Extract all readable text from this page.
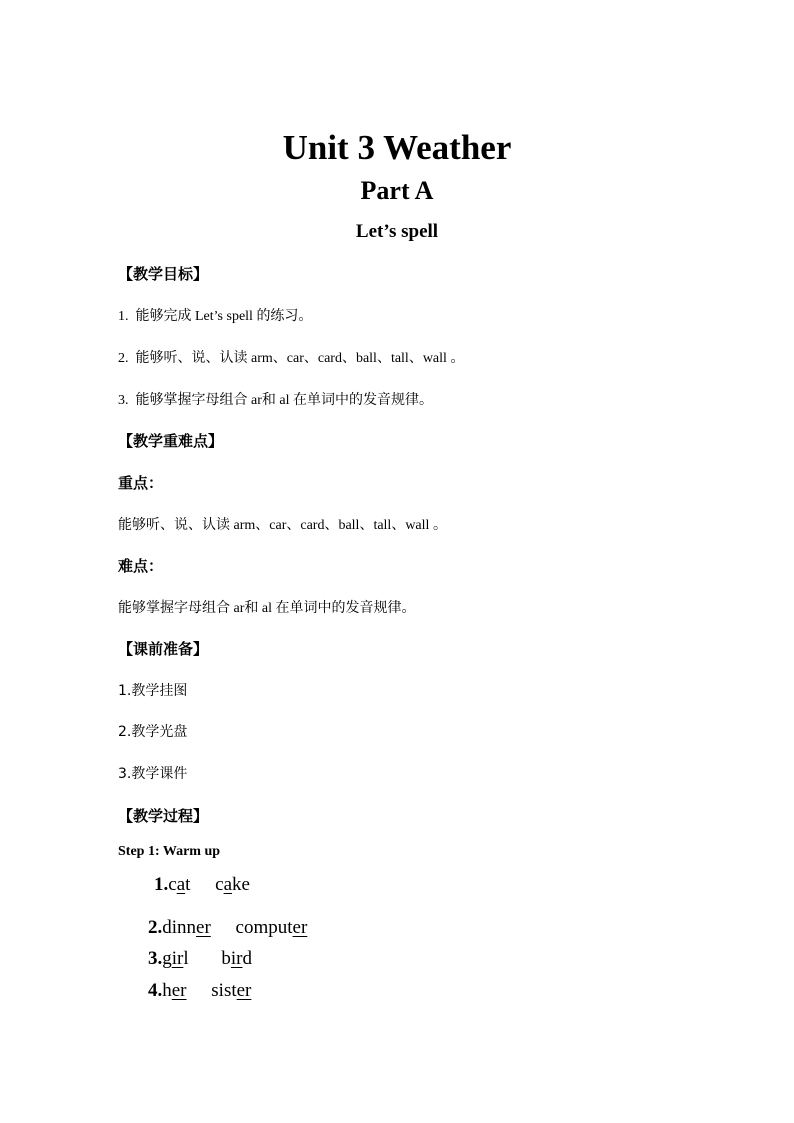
Unit 3 Weather
Part A
Let’s spell
【教学目标】
1. 能够完成 Let’s spell 的练习。
2. 能够听、说、认读 arm、car、card、ball、tall、wall 。
3. 能够掌握字母组合 ar和 al 在单词中的发音规律。
【教学重难点】
重点：
能够听、说、认读 arm、car、card、ball、tall、wall 。
难点：
能够掌握字母组合 ar和 al 在单词中的发音规律。
【课前准备】
1.教学挂图
2.教学光盘
3.教学课件
【教学过程】
Step 1: Warm up
1.cat cake
2.dinner computer
3.girl bird
4.her sister
